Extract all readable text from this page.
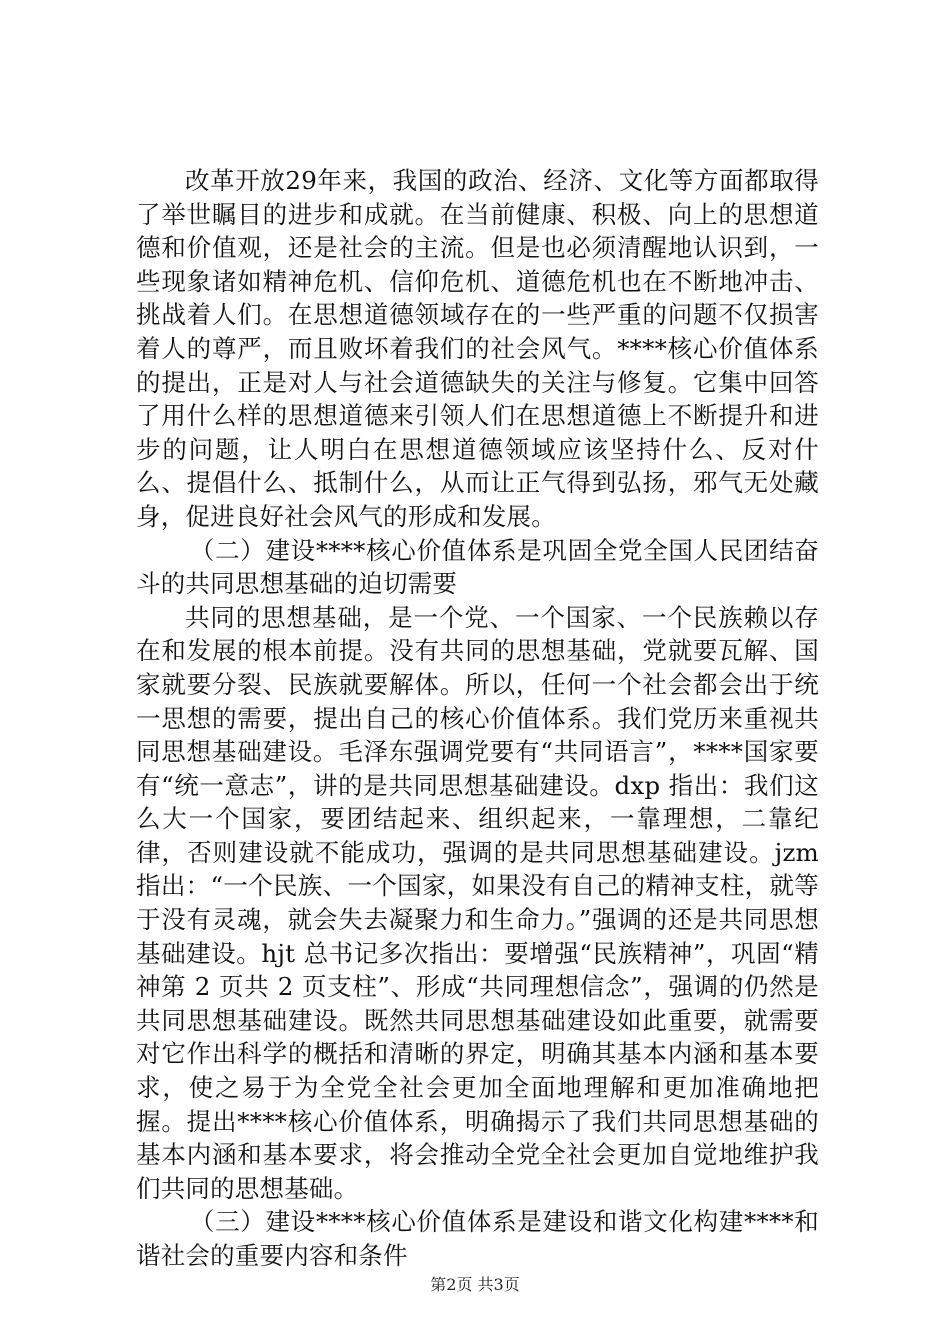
改革开放29年来，我国的政治、经济、文化等方面都取得了举世瞩目的进步和成就。在当前健康、积极、向上的思想道德和价值观，还是社会的主流。但是也必须清醒地认识到，一些现象诸如精神危机、信仰危机、道德危机也在不断地冲击、挑战着人们。在思想道德领域存在的一些严重的问题不仅损害着人的尊严，而且败坏着我们的社会风气。****核心价值体系的提出，正是对人与社会道德缺失的关注与修复。它集中回答了用什么样的思想道德来引领人们在思想道德上不断提升和进步的问题，让人明白在思想道德领域应该坚持什么、反对什么、提倡什么、抵制什么，从而让正气得到弘扬，邪气无处藏身，促进良好社会风气的形成和发展。

（二）建设****核心价值体系是巩固全党全国人民团结奋斗的共同思想基础的迫切需要

共同的思想基础，是一个党、一个国家、一个民族赖以存在和发展的根本前提。没有共同的思想基础，党就要瓦解、国家就要分裂、民族就要解体。所以，任何一个社会都会出于统一思想的需要，提出自己的核心价值体系。我们党历来重视共同思想基础建设。毛泽东强调党要有“共同语言”，****国家要有“统一意志”，讲的是共同思想基础建设。dxp 指出：我们这么大一个国家，要团结起来、组织起来，一靠理想，二靠纪律，否则建设就不能成功，强调的是共同思想基础建设。jzm 指出：“一个民族、一个国家，如果没有自己的精神支柱，就等于没有灵魂，就会失去凝聚力和生命力。”强调的还是共同思想基础建设。hjt 总书记多次指出：要增强“民族精神”，巩固“精神第 2 页共 2 页支柱”、形成“共同理想信念”，强调的仍然是共同思想基础建设。既然共同思想基础建设如此重要，就需要对它作出科学的概括和清晰的界定，明确其基本内涵和基本要求，使之易于为全党全社会更加全面地理解和更加准确地把握。提出****核心价值体系，明确揭示了我们共同思想基础的基本内涵和基本要求，将会推动全党全社会更加自觉地维护我们共同的思想基础。

（三）建设****核心价值体系是建设和谐文化构建****和谐社会的重要内容和条件

第2页 共3页
